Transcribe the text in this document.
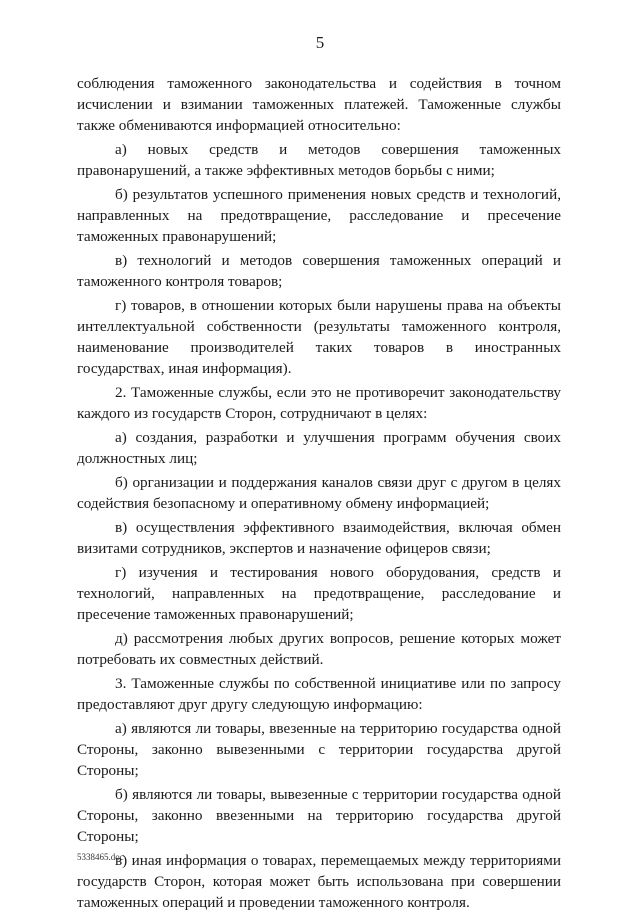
5

соблюдения таможенного законодательства и содействия в точном исчислении и взимании таможенных платежей. Таможенные службы также обмениваются информацией относительно:

а) новых средств и методов совершения таможенных правонарушений, а также эффективных методов борьбы с ними;

б) результатов успешного применения новых средств и технологий, направленных на предотвращение, расследование и пресечение таможенных правонарушений;

в) технологий и методов совершения таможенных операций и таможенного контроля товаров;

г) товаров, в отношении которых были нарушены права на объекты интеллектуальной собственности (результаты таможенного контроля, наименование производителей таких товаров в иностранных государствах, иная информация).

2. Таможенные службы, если это не противоречит законодательству каждого из государств Сторон, сотрудничают в целях:

а) создания, разработки и улучшения программ обучения своих должностных лиц;

б) организации и поддержания каналов связи друг с другом в целях содействия безопасному и оперативному обмену информацией;

в) осуществления эффективного взаимодействия, включая обмен визитами сотрудников, экспертов и назначение офицеров связи;

г) изучения и тестирования нового оборудования, средств и технологий, направленных на предотвращение, расследование и пресечение таможенных правонарушений;

д) рассмотрения любых других вопросов, решение которых может потребовать их совместных действий.

3. Таможенные службы по собственной инициативе или по запросу предоставляют друг другу следующую информацию:

а) являются ли товары, ввезенные на территорию государства одной Стороны, законно вывезенными с территории государства другой Стороны;

б) являются ли товары, вывезенные с территории государства одной Стороны, законно ввезенными на территорию государства другой Стороны;

в) иная информация о товарах, перемещаемых между территориями государств Сторон, которая может быть использована при совершении таможенных операций и проведении таможенного контроля.

5338465.doc
